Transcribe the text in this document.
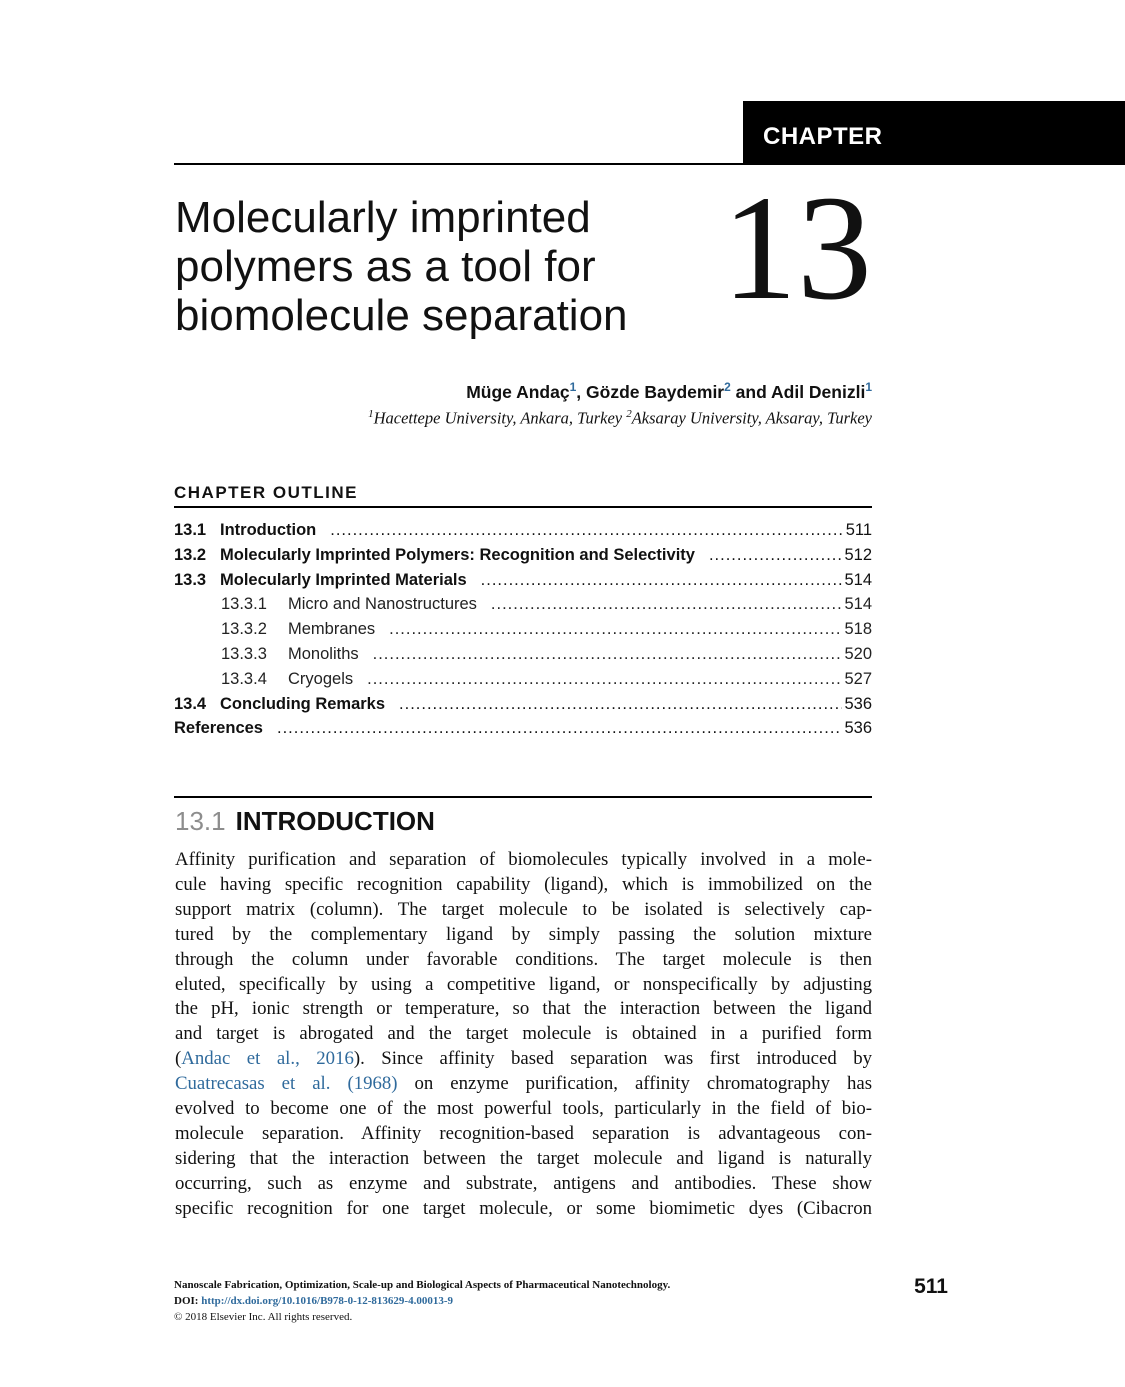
CHAPTER
Molecularly imprinted
polymers as a tool for
biomolecule separation 13
Müge Andaç$^1$, Gözde Baydemir$^2$ and Adil Denizli$^1$
$^1$Hacettepe University, Ankara, Turkey $^2$Aksaray University, Aksaray, Turkey
CHAPTER OUTLINE
13.1 Introduction .....	511
13.2 Molecularly Imprinted Polymers: Recognition and Selectivity .....	512
13.3 Molecularly Imprinted Materials .....	514
13.3.1	Micro and Nanostructures .....	514
13.3.2	Membranes .....	518
13.3.3	Monoliths .....	520
13.3.4	Cryogels .....	527
13.4 Concluding Remarks .....	536
References .....	536
13.1 INTRODUCTION

Affinity purification and separation of biomolecules typically involved in a mole-
cule having specific recognition capability (ligand), which is immobilized on the
support matrix (column). The target molecule to be isolated is selectively cap-
tured by the complementary ligand by simply passing the solution mixture
through the column under favorable conditions. The target molecule is then
eluted, specifically by using a competitive ligand, or nonspecifically by adjusting
the pH, ionic strength or temperature, so that the interaction between the ligand
and target is abrogated and the target molecule is obtained in a purified form
(Andac et al., 2016). Since affinity based separation was first introduced by
Cuatrecasas et al. (1968) on enzyme purification, affinity chromatography has
evolved to become one of the most powerful tools, particularly in the field of bio-
molecule separation. Affinity recognition-based separation is advantageous con-
sidering that the interaction between the target molecule and ligand is naturally
occurring, such as enzyme and substrate, antigens and antibodies. These show
specific recognition for one target molecule, or some biomimetic dyes (Cibacron

Nanoscale Fabrication, Optimization, Scale-up and Biological Aspects of Pharmaceutical Nanotechnology.
DOI: http://dx.doi.org/10.1016/B978-0-12-813629-4.00013-9
© 2018 Elsevier Inc. All rights reserved.
511
